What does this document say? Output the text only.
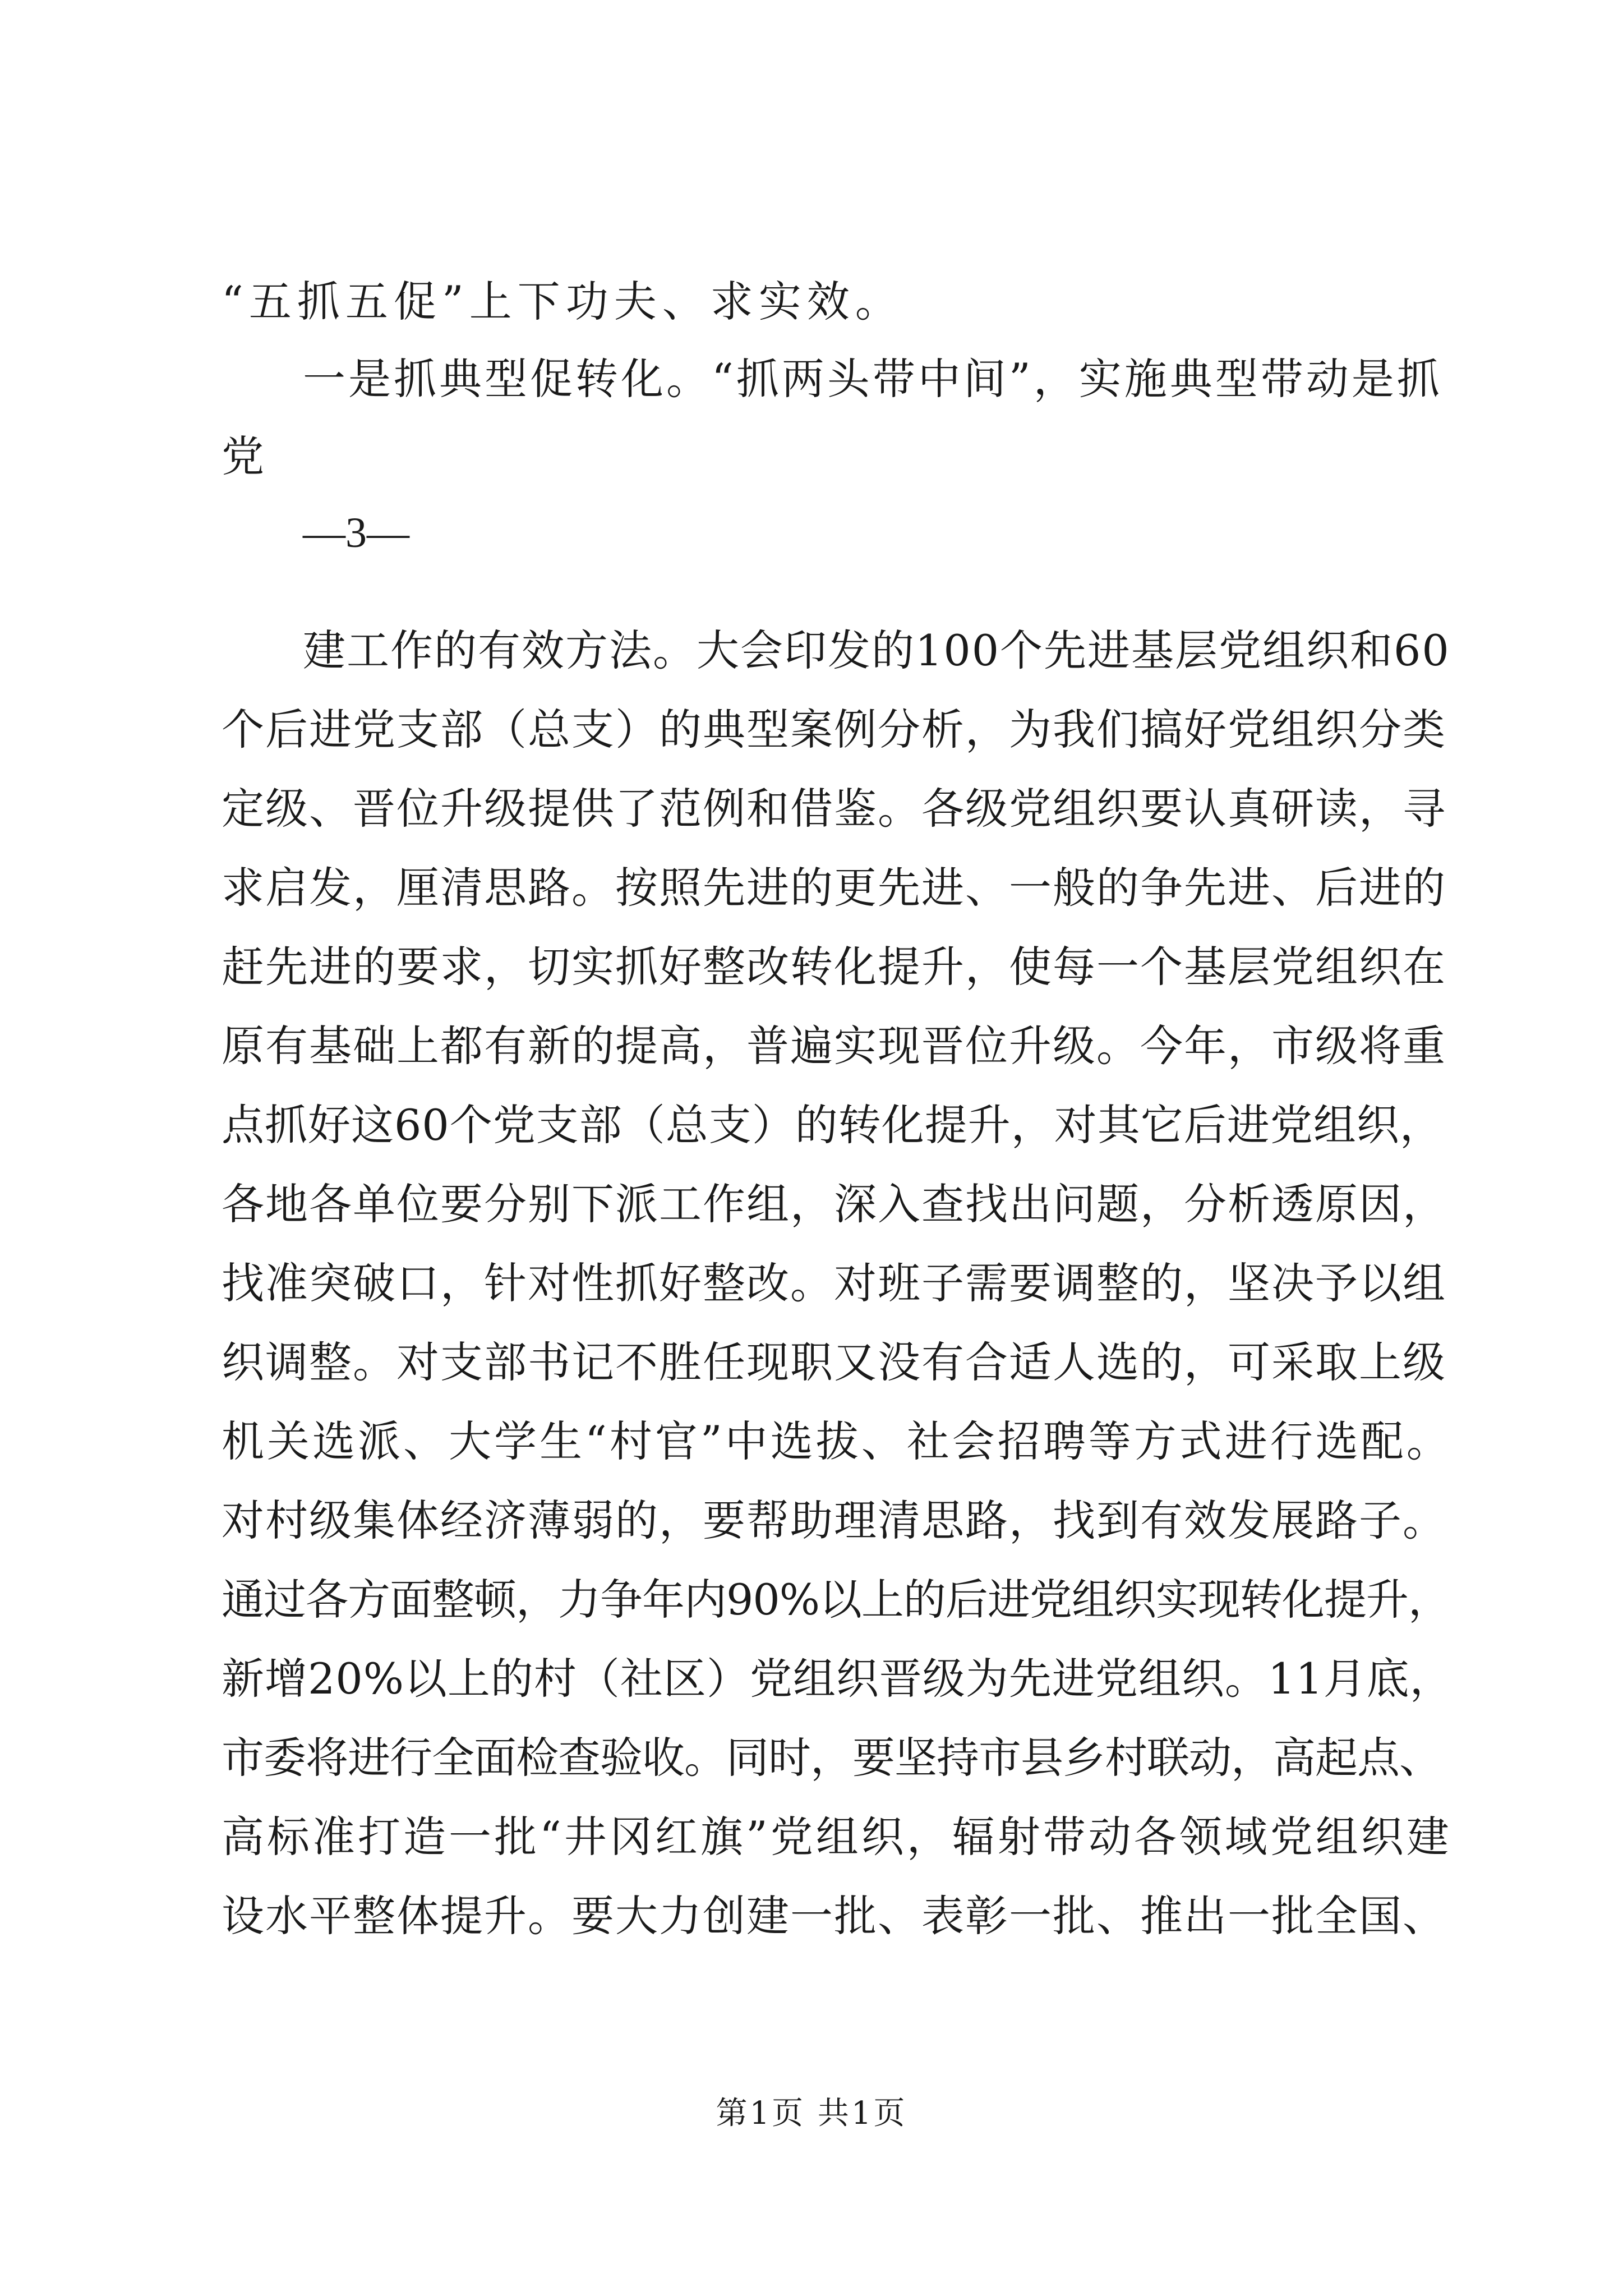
“五抓五促”上下功夫、求实效。
一是抓典型促转化。“抓两头带中间”，实施典型带动是抓
党
—3—
建工作的有效方法。大会印发的100个先进基层党组织和60
个后进党支部（总支）的典型案例分析，为我们搞好党组织分类
定级、晋位升级提供了范例和借鉴。各级党组织要认真研读，寻
求启发，厘清思路。按照先进的更先进、一般的争先进、后进的
赶先进的要求，切实抓好整改转化提升，使每一个基层党组织在
原有基础上都有新的提高，普遍实现晋位升级。今年，市级将重
点抓好这60个党支部（总支）的转化提升，对其它后进党组织，
各地各单位要分别下派工作组，深入查找出问题，分析透原因，
找准突破口，针对性抓好整改。对班子需要调整的，坚决予以组
织调整。对支部书记不胜任现职又没有合适人选的，可采取上级
机关选派、大学生“村官”中选拔、社会招聘等方式进行选配。
对村级集体经济薄弱的，要帮助理清思路，找到有效发展路子。
通过各方面整顿，力争年内90%以上的后进党组织实现转化提升，
新增20%以上的村（社区）党组织晋级为先进党组织。11月底，
市委将进行全面检查验收。同时，要坚持市县乡村联动，高起点、
高标准打造一批“井冈红旗”党组织，辐射带动各领域党组织建
设水平整体提升。要大力创建一批、表彰一批、推出一批全国、
第1页 共1页
